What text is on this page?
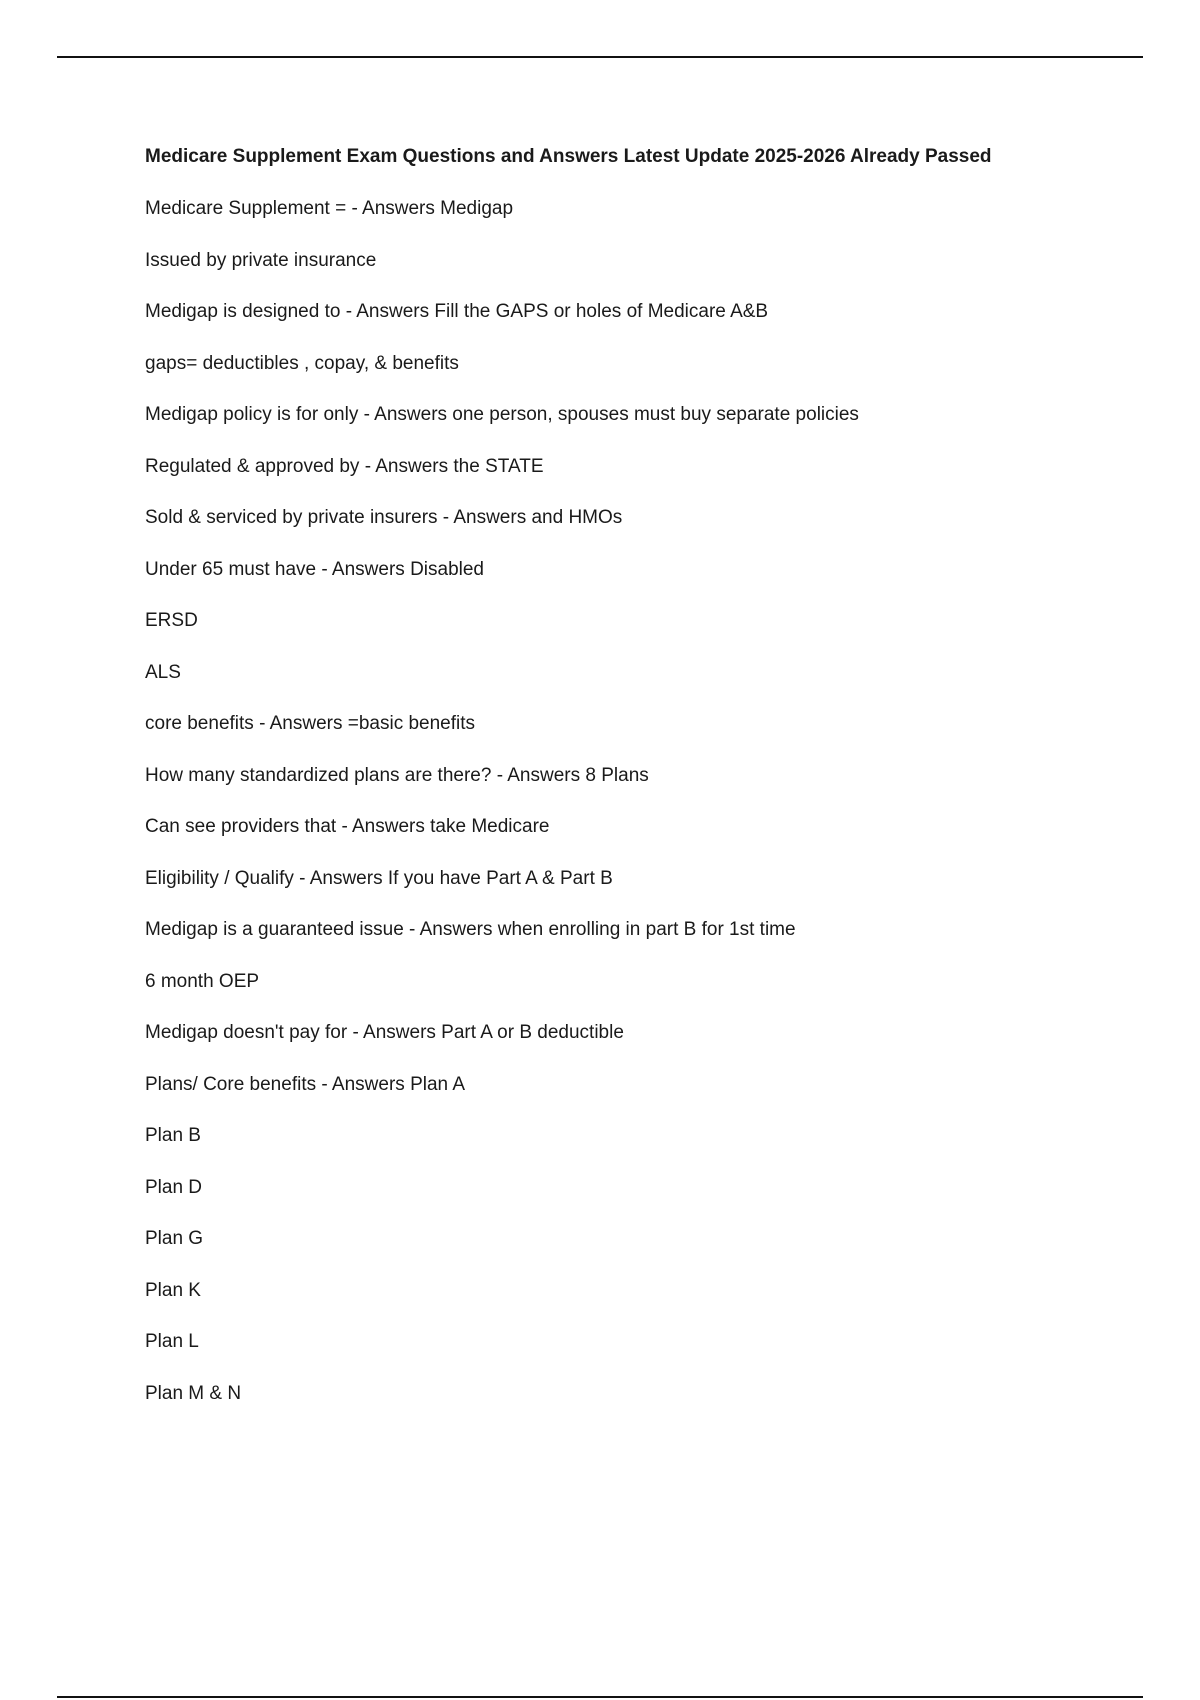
Medicare Supplement Exam Questions and Answers Latest Update 2025-2026 Already Passed
Medicare Supplement = - Answers Medigap
Issued by private insurance
Medigap is designed to - Answers Fill the GAPS or holes of Medicare A&B
gaps= deductibles , copay, & benefits
Medigap policy is for only - Answers one person, spouses must buy separate policies
Regulated & approved by - Answers the STATE
Sold & serviced by private insurers - Answers and HMOs
Under 65 must have - Answers Disabled
ERSD
ALS
core benefits - Answers =basic benefits
How many standardized plans are there? - Answers 8 Plans
Can see providers that - Answers take Medicare
Eligibility / Qualify - Answers If you have Part A & Part B
Medigap is a guaranteed issue - Answers when enrolling in part B for 1st time
6 month OEP
Medigap doesn't pay for - Answers Part A or B deductible
Plans/ Core benefits - Answers Plan A
Plan B
Plan D
Plan G
Plan K
Plan L
Plan M & N
